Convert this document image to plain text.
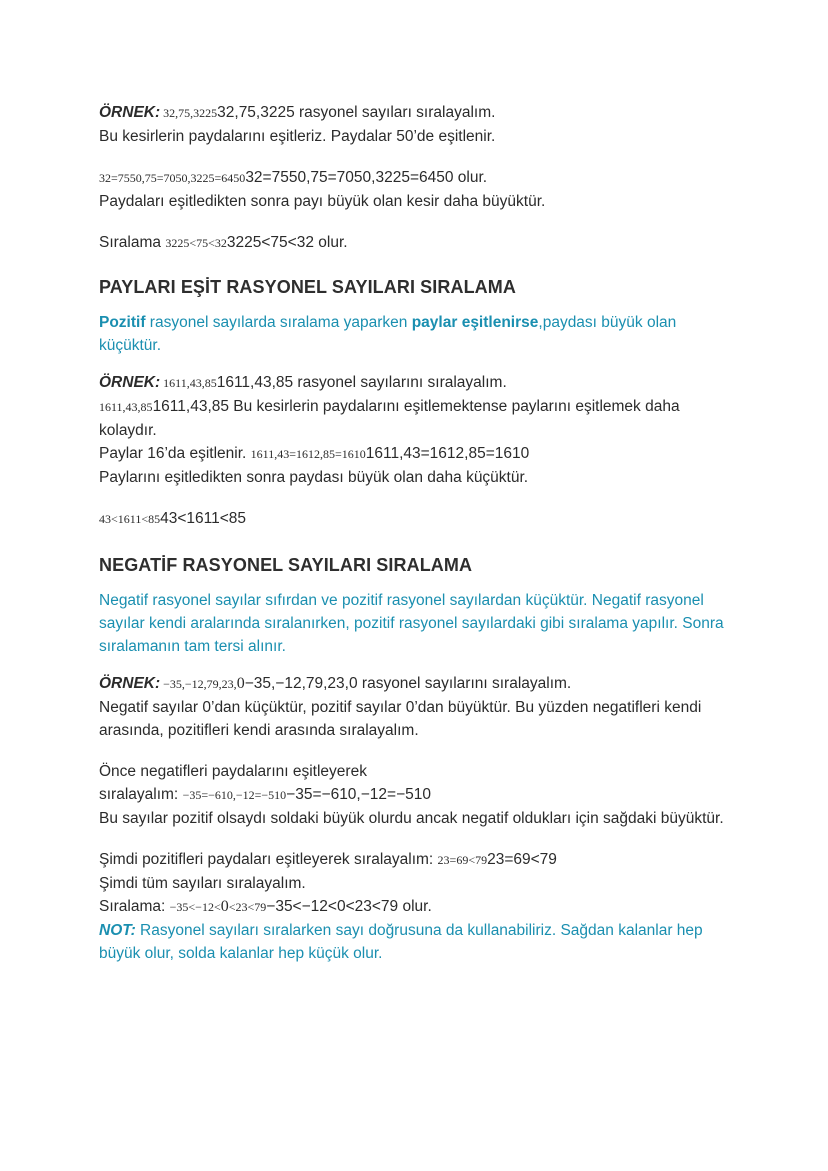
ÖRNEK: 32,75,322532,75,3225 rasyonel sayıları sıralayalım.

Bu kesirlerin paydalarını eşitleriz. Paydalar 50’de eşitlenir.

32=7550,75=7050,3225=645032=7550,75=7050,3225=6450 olur.

Paydaları eşitledikten sonra payı büyük olan kesir daha büyüktür.

Sıralama 3225<75<323225<75<32 olur.

PAYLARI EŞİT RASYONEL SAYILARI SIRALAMA

Pozitif rasyonel sayılarda sıralama yaparken paylar eşitlenirse,paydası büyük olan küçüktür.

ÖRNEK: 1611,43,851611,43,85 rasyonel sayılarını sıralayalım.

1611,43,851611,43,85 Bu kesirlerin paydalarını eşitlemektense paylarını eşitlemek daha kolaydır.

Paylar 16’da eşitlenir. 1611,43=1612,85=16101611,43=1612,85=1610

Paylarını eşitledikten sonra paydası büyük olan daha küçüktür.

43<1611<8543<1611<85

NEGATİF RASYONEL SAYILARI SIRALAMA

Negatif rasyonel sayılar sıfırdan ve pozitif rasyonel sayılardan küçüktür. Negatif rasyonel sayılar kendi aralarında sıralanırken, pozitif rasyonel sayılardaki gibi sıralama yapılır. Sonra sıralamanın tam tersi alınır.

ÖRNEK: −35,−12,79,23,0−35,−12,79,23,0 rasyonel sayılarını sıralayalım.

Negatif sayılar 0’dan küçüktür, pozitif sayılar 0’dan büyüktür. Bu yüzden negatifleri kendi arasında, pozitifleri kendi arasında sıralayalım.

Önce negatifleri paydalarını eşitleyerek

sıralayalım: −35=−610,−12=−510−35=−610,−12=−510

Bu sayılar pozitif olsaydı soldaki büyük olurdu ancak negatif oldukları için sağdaki büyüktür.

Şimdi pozitifleri paydaları eşitleyerek sıralayalım: 23=69<7923=69<79

Şimdi tüm sayıları sıralayalım.

Sıralama: −35<−12<0<23<79−35<−12<0<23<79 olur.

NOT: Rasyonel sayıları sıralarken sayı doğrusuna da kullanabiliriz. Sağdan kalanlar hep büyük olur, solda kalanlar hep küçük olur.
